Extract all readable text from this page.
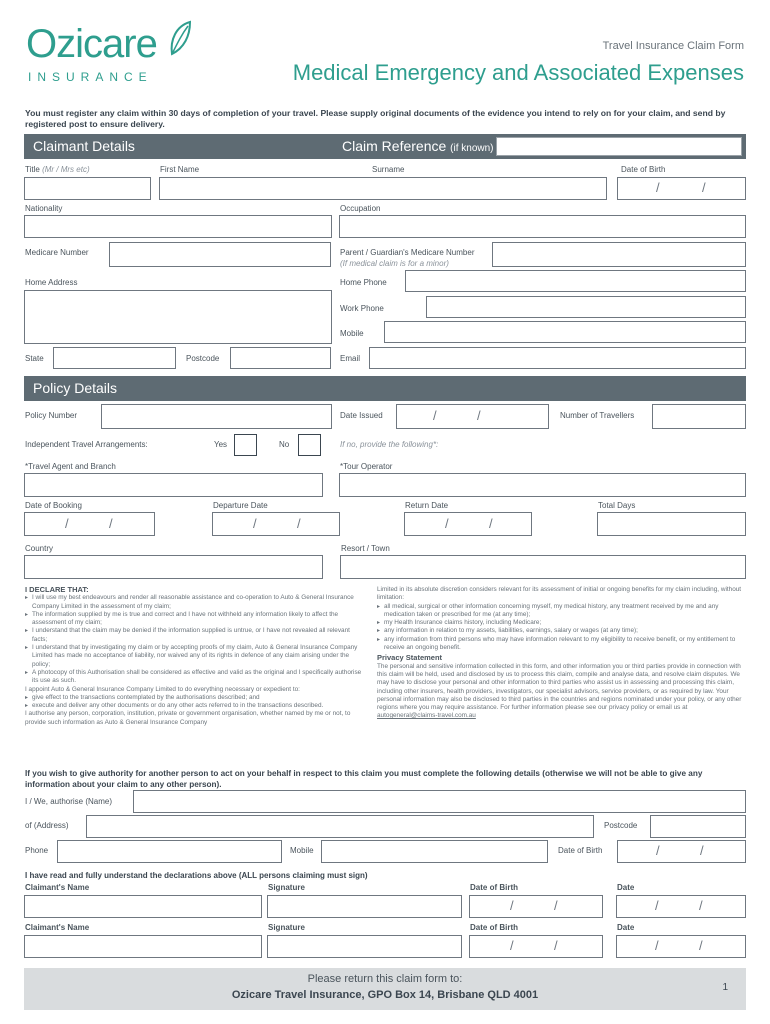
Ozicare
INSURANCE
Travel Insurance Claim Form
Medical Emergency and Associated Expenses
You must register any claim within 30 days of completion of your travel. Please supply original documents of the evidence you intend to rely on for your claim, and send by registered post to ensure delivery.
Claimant Details	Claim Reference (if known)
Title (Mr / Mrs etc)	First Name	Surname	Date of Birth
/	/
Nationality	Occupation
Medicare Number	Parent / Guardian's Medicare Number
(If medical claim is for a minor)
Home Address	Home Phone
Work Phone
Mobile
State	Postcode	Email
Policy Details
Policy Number	Date Issued	/	/	Number of Travellers
Independent Travel Arrangements:	Yes	No	If no, provide the following*:
*Travel Agent and Branch	*Tour Operator
Date of Booking	Departure Date	Return Date	Total Days
/	/	/	/	/	/
Country	Resort / Town

I DECLARE THAT:

▸ I will use my best endeavours and render all reasonable assistance and co-operation to Auto & General Insurance Company Limited in the assessment of my claim;

▸ The information supplied by me is true and correct and I have not withheld any information likely to affect the assessment of my claim;

▸ I understand that the claim may be denied if the information supplied is untrue, or I have not revealed all relevant facts;

▸ I understand that by investigating my claim or by accepting proofs of my claim, Auto & General Insurance Company Limited has made no acceptance of liability, nor waived any of its rights in defence of any claim arising under the policy;

▸ A photocopy of this Authorisation shall be considered as effective and valid as the original and I specifically authorise its use as such.

I appoint Auto & General Insurance Company Limited to do everything necessary or expedient to:

▸ give effect to the transactions contemplated by the authorisations described; and

▸ execute and deliver any other documents or do any other acts referred to in the transactions described.

I authorise any person, corporation, institution, private or government organisation, whether named by me or not, to provide such information as Auto & General Insurance Company

Limited in its absolute discretion considers relevant for its assessment of initial or ongoing benefits for my claim including, without limitation:

▸ all medical, surgical or other information concerning myself, my medical history, any treatment received by me and any medication taken or prescribed for me (at any time);

▸ my Health Insurance claims history, including Medicare;

▸ any information in relation to my assets, liabilities, earnings, salary or wages (at any time);

▸ any information from third persons who may have information relevant to my eligibility to receive benefit, or my entitlement to receive an ongoing benefit.

Privacy Statement

The personal and sensitive information collected in this form, and other information you or third parties provide in connection with this claim will be held, used and disclosed by us to process this claim, compile and analyse data, and resolve claim disputes. We may have to disclose your personal and other information to third parties who assist us in assessing and processing this claim, including other insurers, health providers, investigators, our specialist advisors, service providers, or as required by law. Your personal information may also be disclosed to third parties in the countries and regions nominated under your policy, or any other regions where you may require assistance. For further information please see our privacy policy or email us at autogeneral@claims-travel.com.au

If you wish to give authority for another person to act on your behalf in respect to this claim you must complete the following details (otherwise we will not be able to give any information about your claim to any other person).
I / We, authorise (Name)
of (Address)	Postcode
Phone	Mobile	Date of Birth	/	/
I have read and fully understand the declarations above (ALL persons claiming must sign)
Claimant's Name	Signature	Date of Birth	Date
/	/	/	/
Claimant's Name	Signature	Date of Birth	Date
/	/	/	/
Please return this claim form to:
Ozicare Travel Insurance, GPO Box 14, Brisbane QLD 4001
1
